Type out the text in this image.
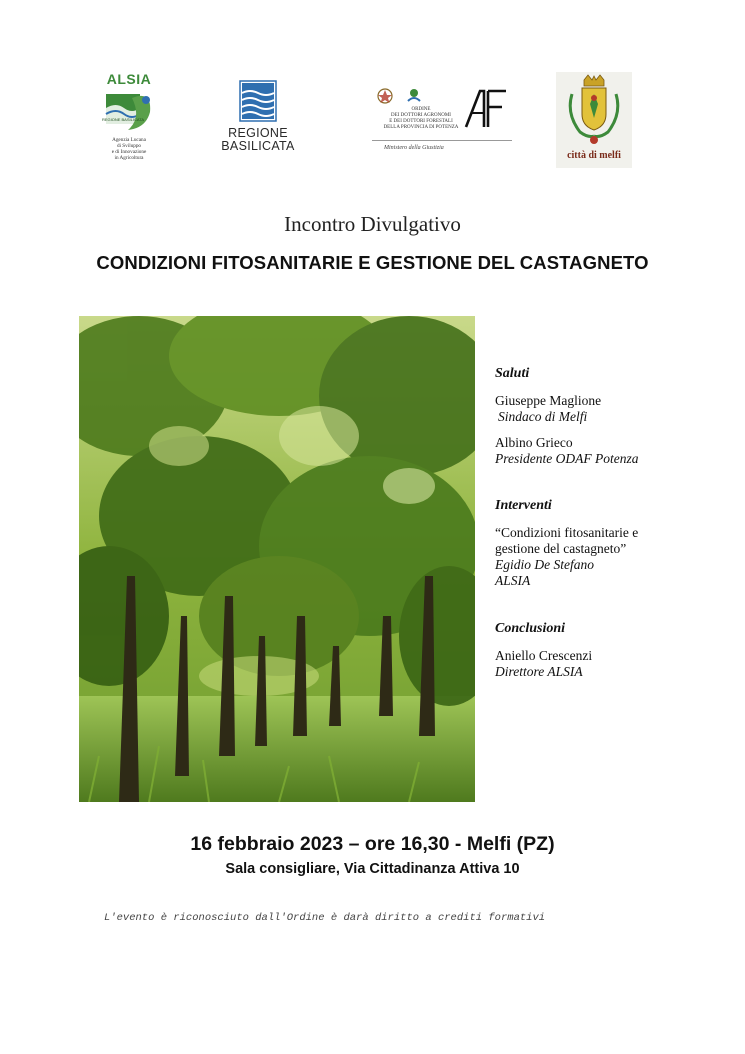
ALSIA
REGIONE BASILICATA
Agenzia Lucana
di Sviluppo
e di Innovazione
in Agricoltura
REGIONE
BASILICATA
ORDINE
DEI DOTTORI AGRONOMI
E DEI DOTTORI FORESTALI
DELLA PROVINCIA DI POTENZA
AF
Ministero della Giustizia
città di melfi
Incontro Divulgativo
CONDIZIONI FITOSANITARIE E GESTIONE DEL CASTAGNETO
Saluti
Giuseppe Maglione
Sindaco di Melfi
Albino Grieco
Presidente ODAF Potenza
Interventi
“Condizioni fitosanitarie e
gestione del castagneto”
Egidio De Stefano
ALSIA
Conclusioni
Aniello Crescenzi
Direttore ALSIA
16 febbraio 2023 – ore 16,30 - Melfi (PZ)
Sala consigliare, Via Cittadinanza Attiva 10
L'evento è riconosciuto dall'Ordine è darà diritto a crediti formativi
